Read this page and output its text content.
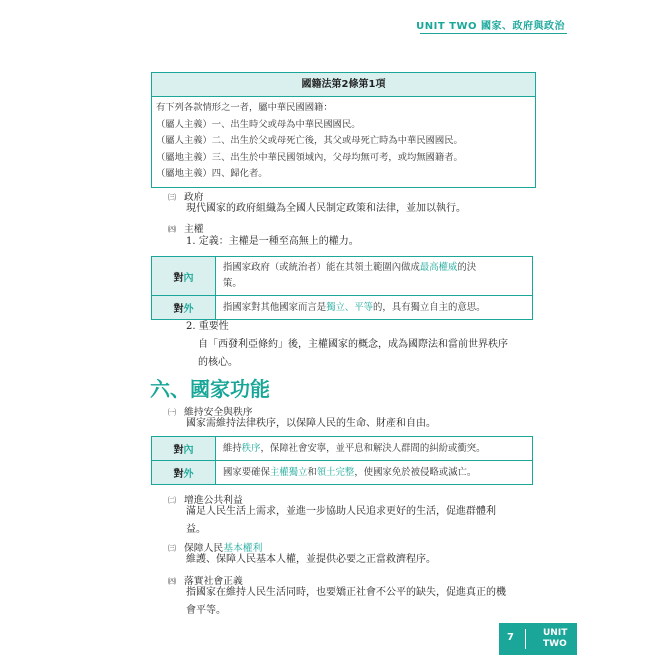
UNIT TWO 國家、政府與政治
國籍法第2條第1項
有下列各款情形之一者，屬中華民國國籍：
（屬人主義）一、出生時父或母為中華民國國民。
（屬人主義）二、出生於父或母死亡後，其父或母死亡時為中華民國國民。
（屬地主義）三、出生於中華民國領域內，父母均無可考，或均無國籍者。
（屬地主義）四、歸化者。
㈢ 政府
現代國家的政府組織為全國人民制定政策和法律，並加以執行。
㈣ 主權
1. 定義：主權是一種至高無上的權力。
對內	指國家政府（或統治者）能在其領土範圍內做成最高權威的決
策。
對外	指國家對其他國家而言是獨立、平等的，具有獨立自主的意思。
2. 重要性
自「西發利亞條約」後，主權國家的概念，成為國際法和當前世界秩序
的核心。
六、國家功能
㈠ 維持安全與秩序
國家需維持法律秩序，以保障人民的生命、財產和自由。
對內	維持秩序，保障社會安寧，並平息和解決人群間的糾紛或衝突。
對外	國家要確保主權獨立和領土完整，使國家免於被侵略或滅亡。
㈡ 增進公共利益
滿足人民生活上需求，並進一步協助人民追求更好的生活，促進群體利
益。
㈢ 保障人民基本權利
維護、保障人民基本人權，並提供必要之正當救濟程序。
㈣ 落實社會正義
指國家在維持人民生活同時，也要矯正社會不公平的缺失，促進真正的機
會平等。
7	UNIT
TWO
